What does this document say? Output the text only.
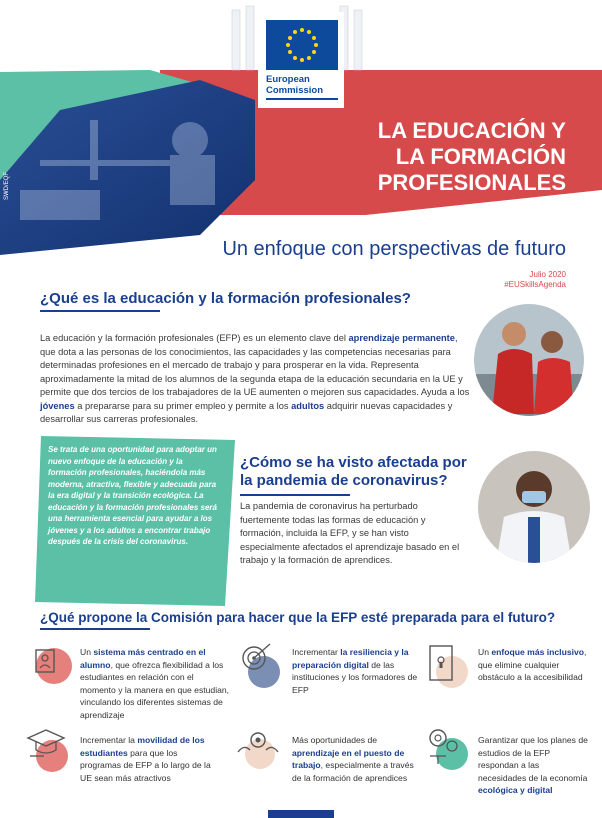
European
Commission
SWD/EQF
LA EDUCACIÓN Y
LA FORMACIÓN
PROFESIONALES
Un enfoque con perspectivas de futuro
Julio 2020
#EUSkillsAgenda
¿Qué es la educación y la formación profesionales?

La educación y la formación profesionales (EFP) es un elemento clave del aprendizaje permanente, que dota a las personas de los conocimientos, las capacidades y las competencias necesarias para determinadas profesiones en el mercado de trabajo y para prosperar en la vida. Representa aproximadamente la mitad de los alumnos de la segunda etapa de la educación secundaria en la UE y permite que dos tercios de los trabajadores de la UE aumenten o mejoren sus capacidades. Ayuda a los jóvenes a prepararse para su primer empleo y permite a los adultos adquirir nuevas capacidades y desarrollar sus carreras profesionales.

Se trata de una oportunidad para adoptar un nuevo enfoque de la educación y la formación profesionales, haciéndola más moderna, atractiva, flexible y adecuada para la era digital y la transición ecológica. La educación y la formación profesionales será una herramienta esencial para ayudar a los jóvenes y a los adultos a encontrar trabajo después de la crisis del coronavirus.
¿Cómo se ha visto afectada por la pandemia de coronavirus?

La pandemia de coronavirus ha perturbado fuertemente todas las formas de educación y formación, incluida la EFP, y se han visto especialmente afectados el aprendizaje basado en el trabajo y la formación de aprendices.

¿Qué propone la Comisión para hacer que la EFP esté preparada para el futuro?

Un sistema más centrado en el alumno, que ofrezca flexibilidad a los estudiantes en relación con el momento y la manera en que estudian, vinculando los diferentes sistemas de aprendizaje

Incrementar la resiliencia y la preparación digital de las instituciones y los formadores de EFP

Un enfoque más inclusivo, que elimine cualquier obstáculo a la accesibilidad

Incrementar la movilidad de los estudiantes para que los programas de EFP a lo largo de la UE sean más atractivos

Más oportunidades de aprendizaje en el puesto de trabajo, especialmente a través de la formación de aprendices

Garantizar que los planes de estudios de la EFP respondan a las necesidades de la economía ecológica y digital
